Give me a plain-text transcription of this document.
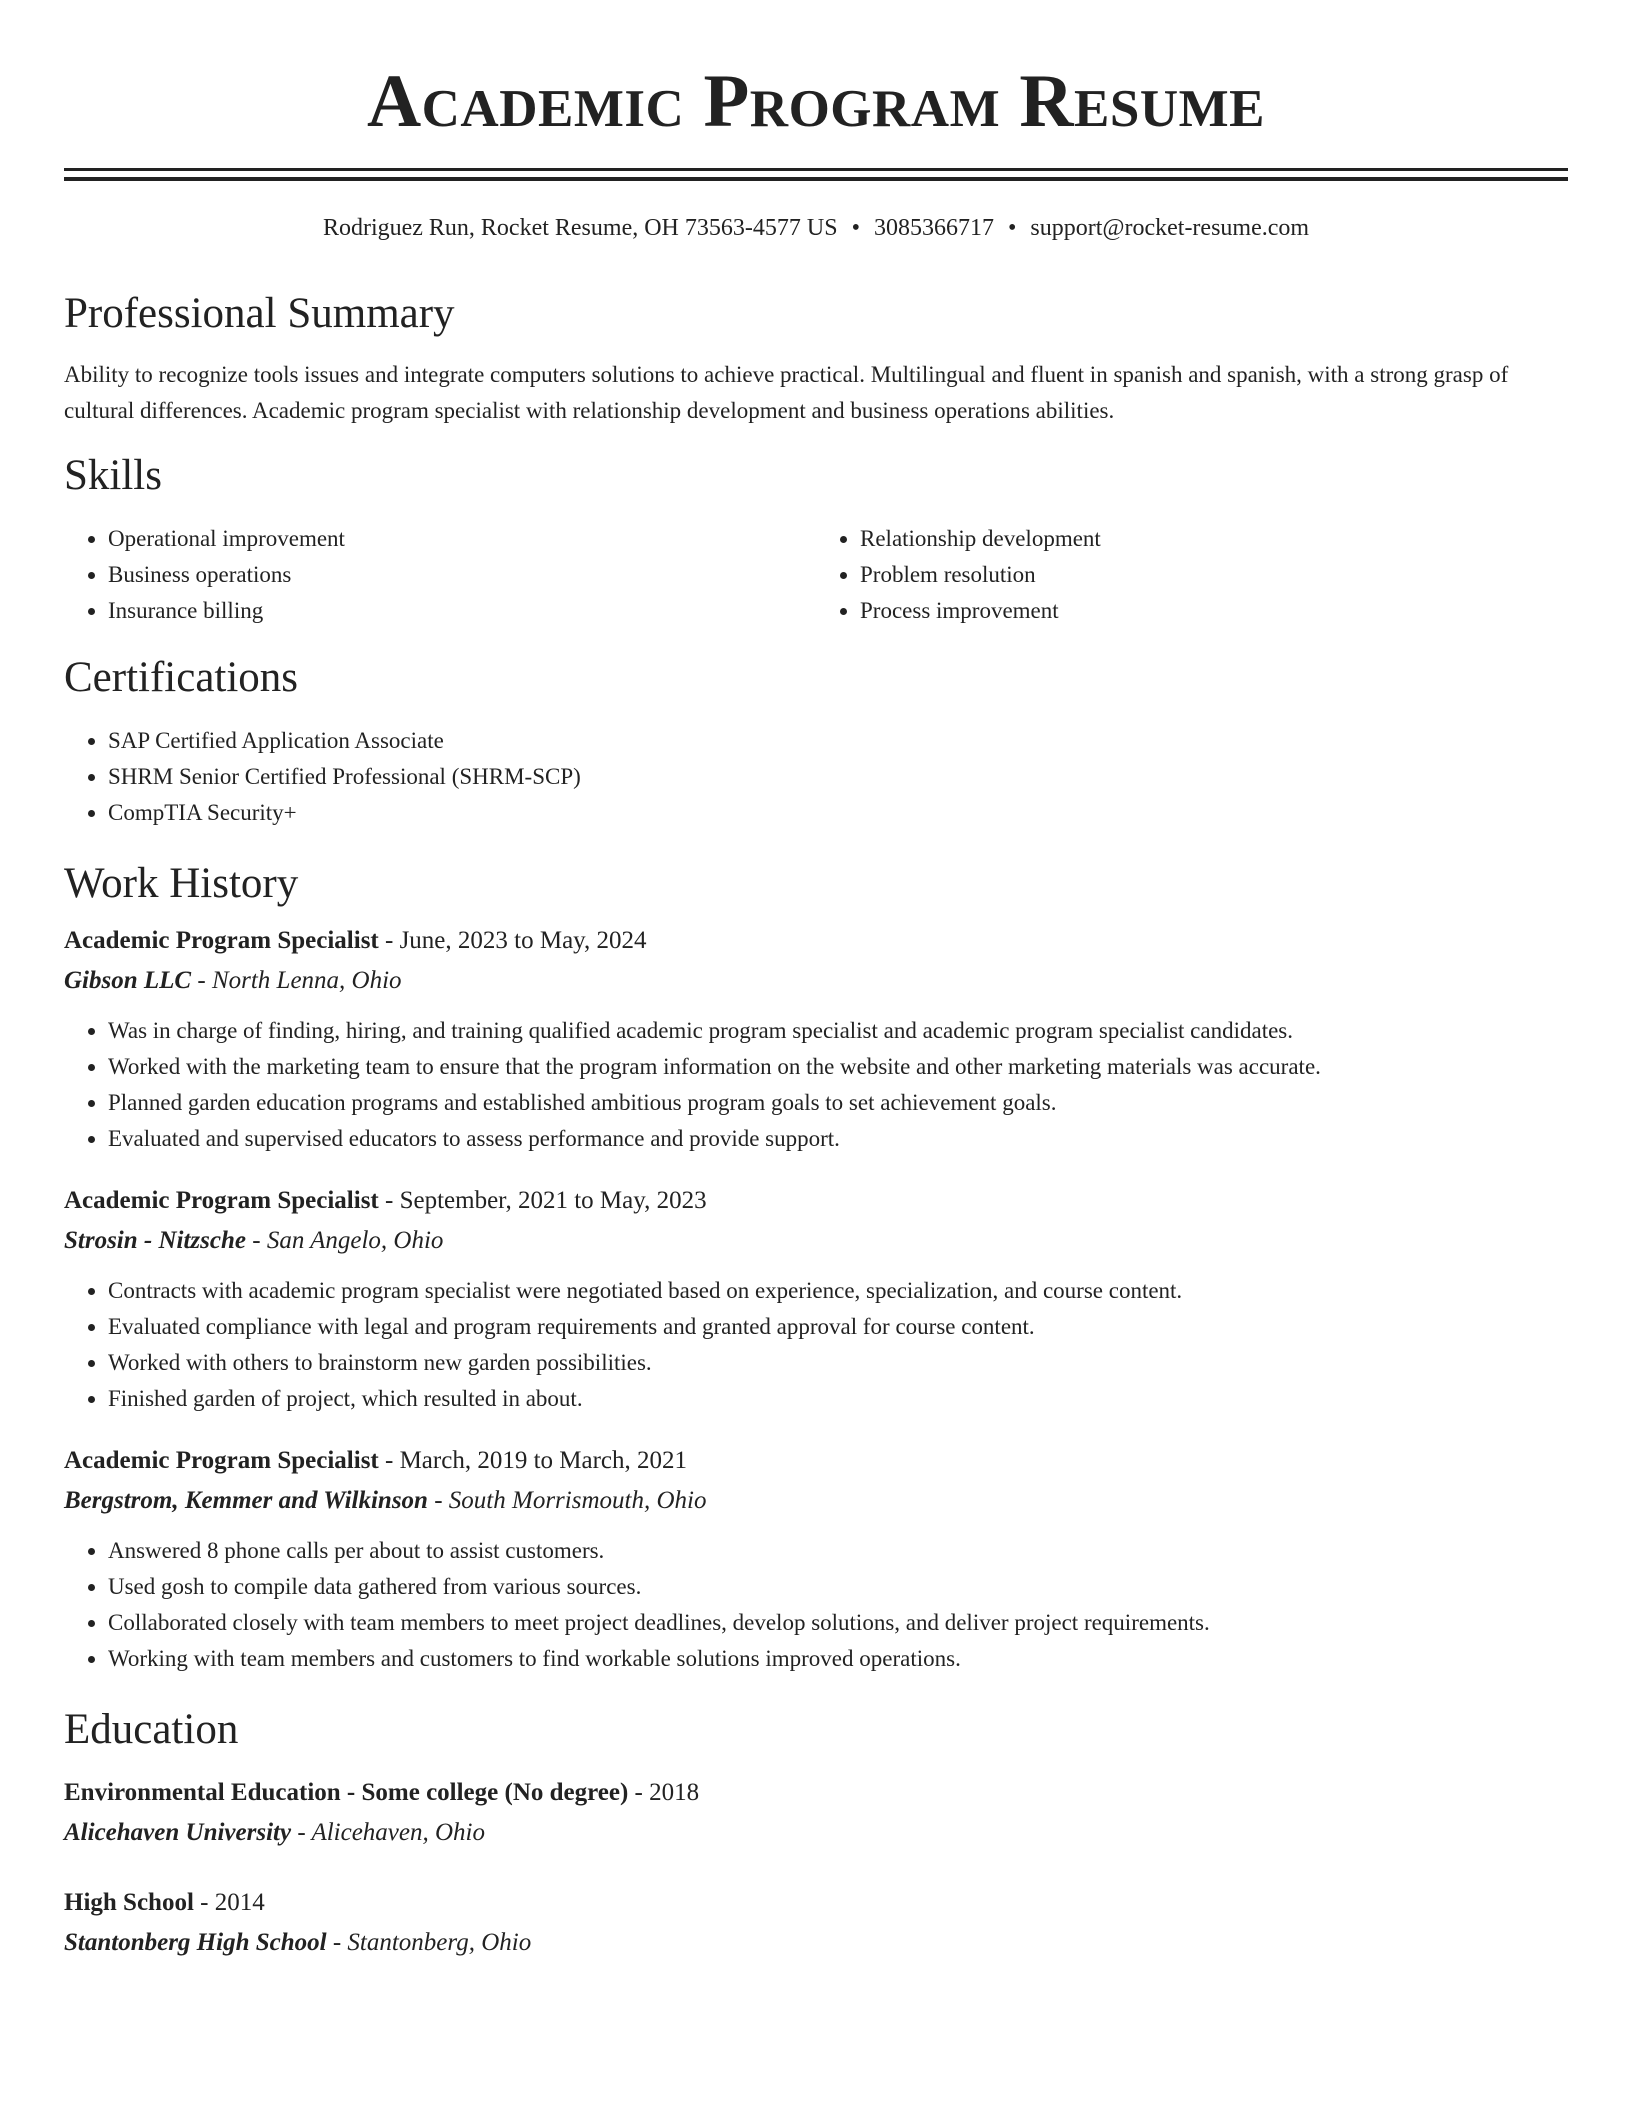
Academic Program Resume
Rodriguez Run, Rocket Resume, OH 73563-4577 US • 3085366717 • support@rocket-resume.com
Professional Summary

Ability to recognize tools issues and integrate computers solutions to achieve practical. Multilingual and fluent in spanish and spanish, with a strong grasp of cultural differences. Academic program specialist with relationship development and business operations abilities.

Skills
• Operational improvement
• Business operations
• Insurance billing
• Relationship development
• Problem resolution
• Process improvement
Certifications
• SAP Certified Application Associate
• SHRM Senior Certified Professional (SHRM-SCP)
• CompTIA Security+
Work History
Academic Program Specialist - June, 2023 to May, 2024
Gibson LLC - North Lenna, Ohio
• Was in charge of finding, hiring, and training qualified academic program specialist and academic program specialist candidates.
• Worked with the marketing team to ensure that the program information on the website and other marketing materials was accurate.
• Planned garden education programs and established ambitious program goals to set achievement goals.
• Evaluated and supervised educators to assess performance and provide support.
Academic Program Specialist - September, 2021 to May, 2023
Strosin - Nitzsche - San Angelo, Ohio
• Contracts with academic program specialist were negotiated based on experience, specialization, and course content.
• Evaluated compliance with legal and program requirements and granted approval for course content.
• Worked with others to brainstorm new garden possibilities.
• Finished garden of project, which resulted in about.
Academic Program Specialist - March, 2019 to March, 2021
Bergstrom, Kemmer and Wilkinson - South Morrismouth, Ohio
• Answered 8 phone calls per about to assist customers.
• Used gosh to compile data gathered from various sources.
• Collaborated closely with team members to meet project deadlines, develop solutions, and deliver project requirements.
• Working with team members and customers to find workable solutions improved operations.
Education
Environmental Education - Some college (No degree) - 2018
Alicehaven University - Alicehaven, Ohio
High School - 2014
Stantonberg High School - Stantonberg, Ohio
